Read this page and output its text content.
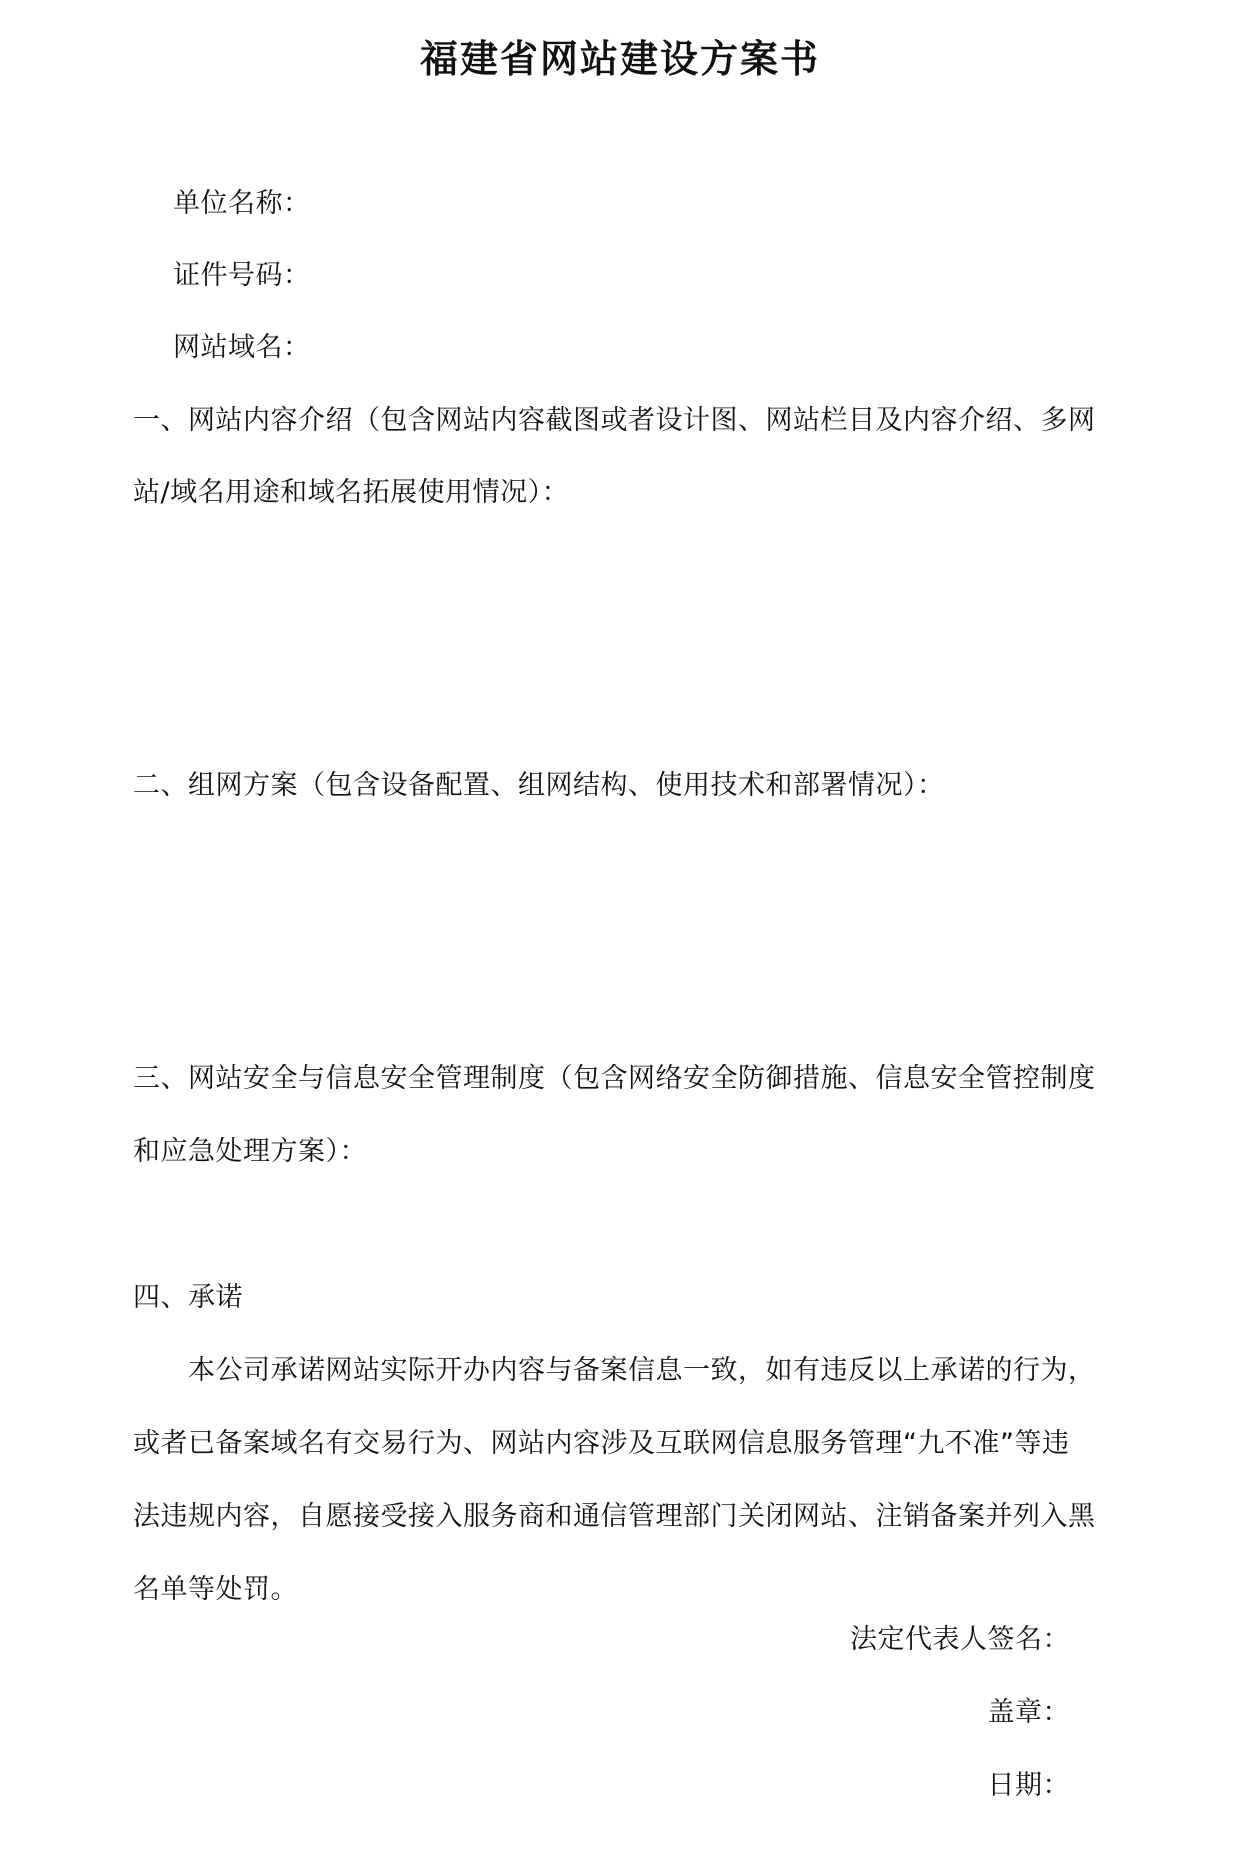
福建省网站建设方案书
单位名称：
证件号码：
网站域名：
一、网站内容介绍（包含网站内容截图或者设计图、网站栏目及内容介绍、多网
站/域名用途和域名拓展使用情况）：
二、组网方案（包含设备配置、组网结构、使用技术和部署情况）：
三、网站安全与信息安全管理制度（包含网络安全防御措施、信息安全管控制度
和应急处理方案）：
四、承诺
本公司承诺网站实际开办内容与备案信息一致，如有违反以上承诺的行为，
或者已备案域名有交易行为、网站内容涉及互联网信息服务管理“九不准”等违
法违规内容，自愿接受接入服务商和通信管理部门关闭网站、注销备案并列入黑
名单等处罚。
法定代表人签名：
盖章：
日期：
